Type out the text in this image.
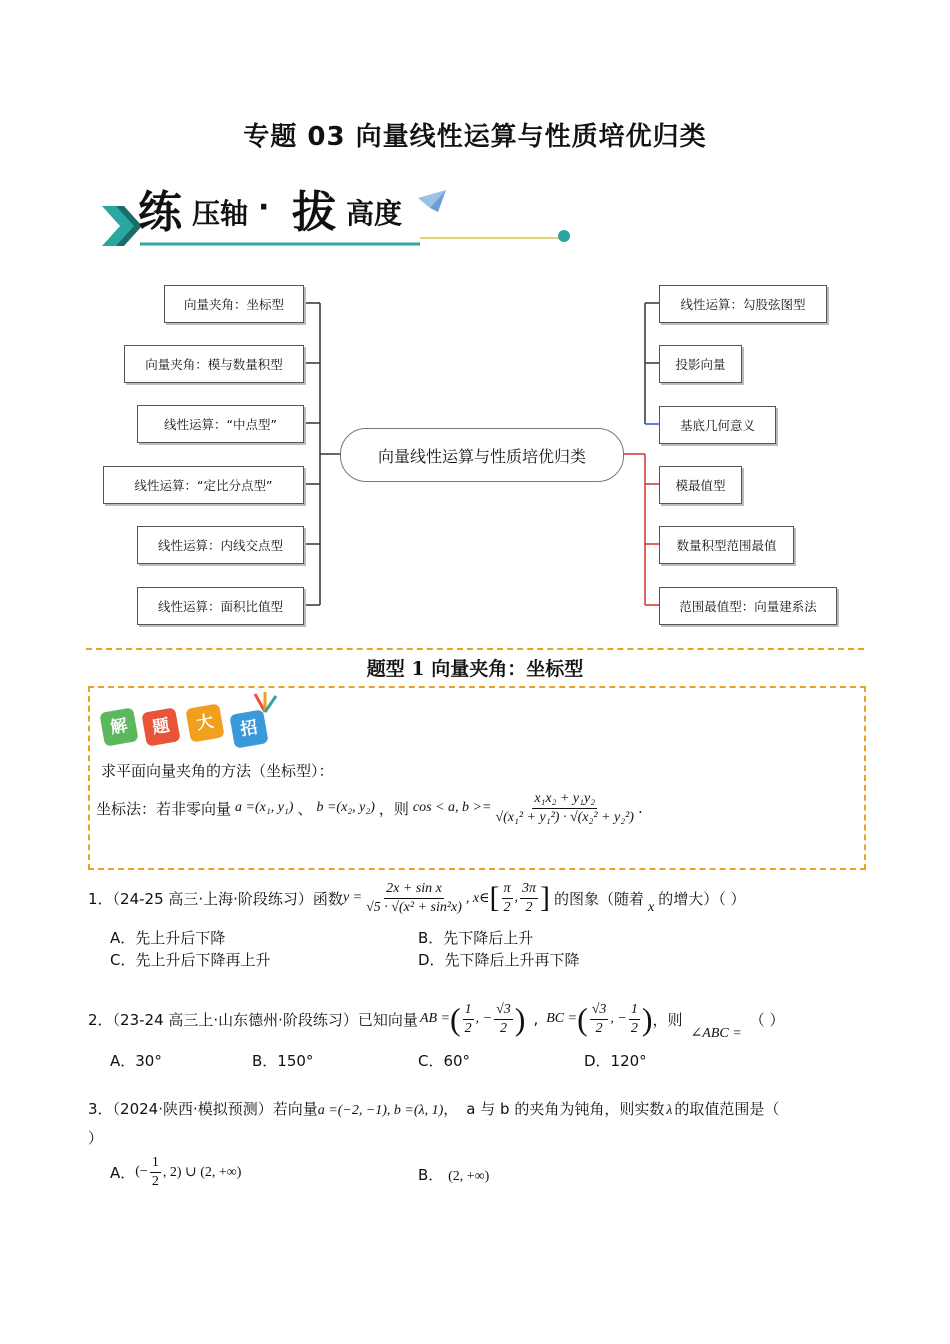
专题 03 向量线性运算与性质培优归类
练 压轴 · 拔 高度
向量夹角：坐标型
向量夹角：模与数量积型
线性运算：“中点型”
线性运算：“定比分点型”
线性运算：内线交点型
线性运算：面积比值型
向量线性运算与性质培优归类
线性运算：勾股弦图型
投影向量
基底几何意义
模最值型
数量积型范围最值
范围最值型：向量建系法
题型 1 向量夹角：坐标型
解	题	大	招
求平面向量夹角的方法（坐标型）：
坐标法：若非零向量 a =(x₁, y₁) 、 b =(x₂, y₂) ，则 cos < a, $b >= \frac{\text{x₁x₂ + y₁y₂}}{\text{√(x₁² + y₁²) · √(x₂² + y₂²)}}$ .
1．（24-25 高三·上海·阶段练习）函数 $y = \frac{\text{2x + sin x}}{\text{√5 · √(x² + sin²x)}}$ , x∈ [ $\frac{\pi}{2}$ , $\frac{3\pi}{2}$ ] 的图象（随着 x 的增大）（ ）
A．先上升后下降	B．先下降后上升
C．先上升后下降再上升	D．先下降后上升再下降
2．（23-24 高三上·山东德州·阶段练习）已知向量 AB = ( $\frac{1}{2}$ , − $\frac{√3}{2}$ ) , BC = ( $\frac{√3}{2}$ , − $\frac{1}{2}$ ) ，则
∠ABC =
（ ）
A．30°	B．150°	C．60°	D．120°
3．（2024·陕西·模拟预测）若向量a =(−2, −1), b =(λ, 1)， a 与 b 的夹角为钝角，则实数 λ 的取值范围是（
）
A． (− $\frac{1}{2}$ , 2) ∪ (2, +∞)	B． (2, +∞)
